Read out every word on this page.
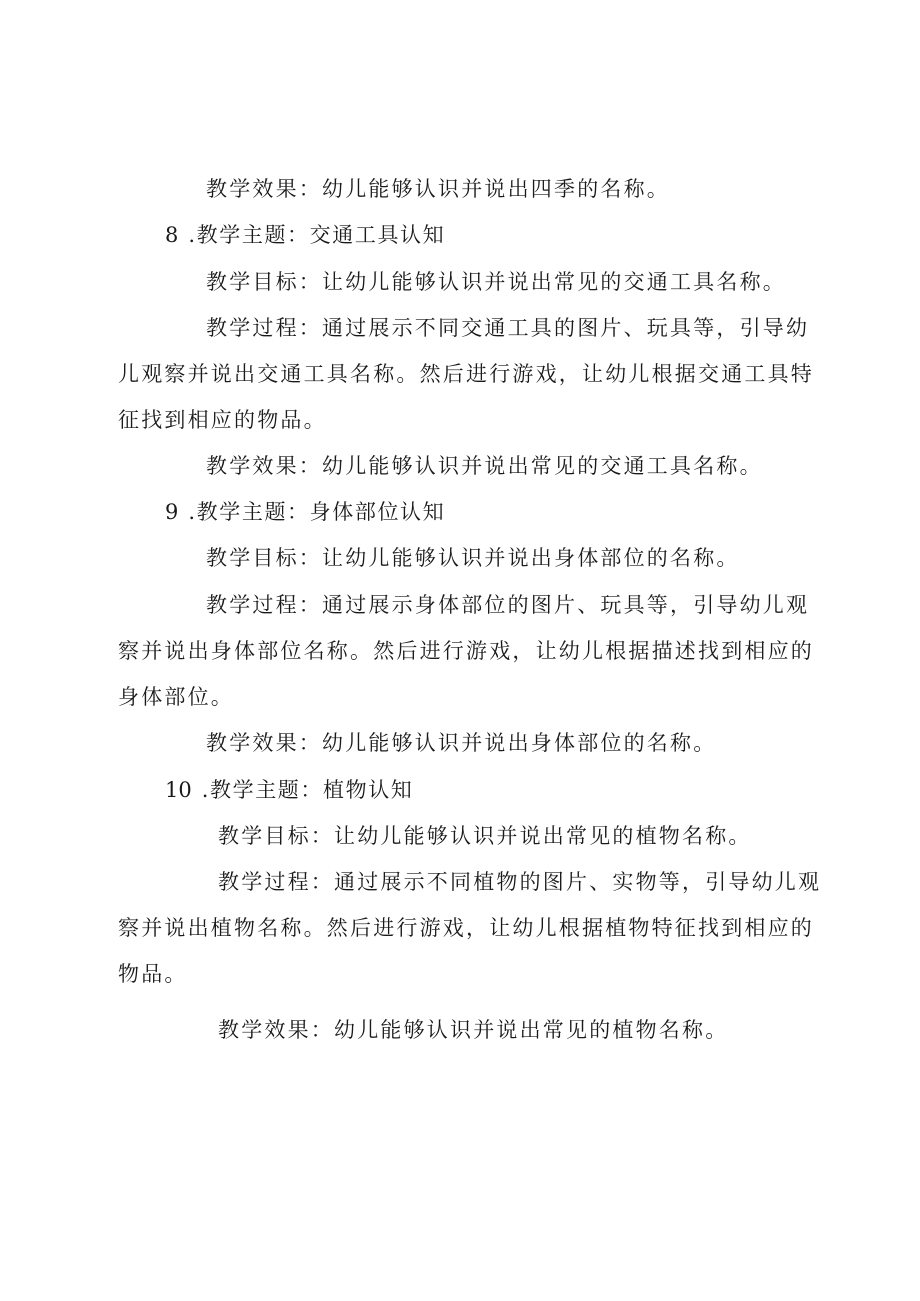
教学效果：幼儿能够认识并说出四季的名称。
8 .教学主题：交通工具认知
教学目标：让幼儿能够认识并说出常见的交通工具名称。
教学过程：通过展示不同交通工具的图片、玩具等，引导幼
儿观察并说出交通工具名称。然后进行游戏，让幼儿根据交通工具特
征找到相应的物品。
教学效果：幼儿能够认识并说出常见的交通工具名称。
9 .教学主题：身体部位认知
教学目标：让幼儿能够认识并说出身体部位的名称。
教学过程：通过展示身体部位的图片、玩具等，引导幼儿观
察并说出身体部位名称。然后进行游戏，让幼儿根据描述找到相应的
身体部位。
教学效果：幼儿能够认识并说出身体部位的名称。
10 .教学主题：植物认知
教学目标：让幼儿能够认识并说出常见的植物名称。
教学过程：通过展示不同植物的图片、实物等，引导幼儿观
察并说出植物名称。然后进行游戏，让幼儿根据植物特征找到相应的
物品。
教学效果：幼儿能够认识并说出常见的植物名称。
